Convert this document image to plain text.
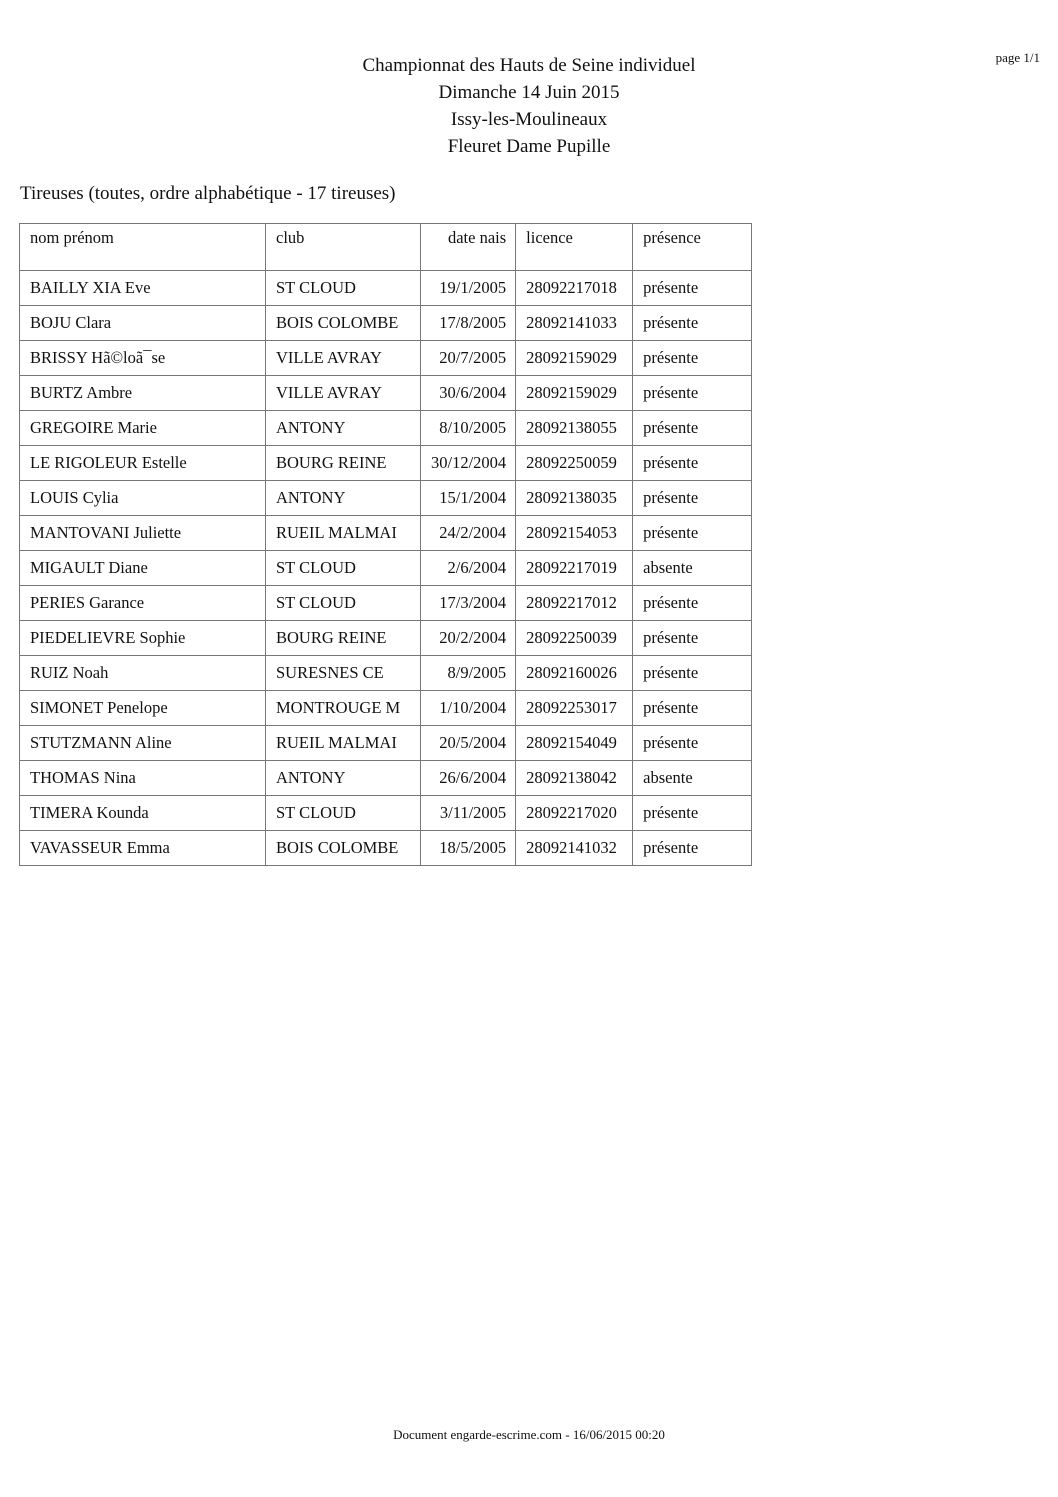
page 1/1
Championnat des Hauts de Seine individuel
Dimanche 14 Juin 2015
Issy-les-Moulineaux
Fleuret Dame Pupille
Tireuses (toutes, ordre alphabétique - 17 tireuses)
nom prénom	club	date nais	licence	présence
BAILLY XIA Eve	ST CLOUD	19/1/2005	28092217018	présente
BOJU Clara	BOIS COLOMBE	17/8/2005	28092141033	présente
BRISSY Hã©loã¯se	VILLE AVRAY	20/7/2005	28092159029	présente
BURTZ Ambre	VILLE AVRAY	30/6/2004	28092159029	présente
GREGOIRE Marie	ANTONY	8/10/2005	28092138055	présente
LE RIGOLEUR Estelle	BOURG REINE	30/12/2004	28092250059	présente
LOUIS Cylia	ANTONY	15/1/2004	28092138035	présente
MANTOVANI Juliette	RUEIL MALMAI	24/2/2004	28092154053	présente
MIGAULT Diane	ST CLOUD	2/6/2004	28092217019	absente
PERIES Garance	ST CLOUD	17/3/2004	28092217012	présente
PIEDELIEVRE Sophie	BOURG REINE	20/2/2004	28092250039	présente
RUIZ Noah	SURESNES CE	8/9/2005	28092160026	présente
SIMONET Penelope	MONTROUGE M	1/10/2004	28092253017	présente
STUTZMANN Aline	RUEIL MALMAI	20/5/2004	28092154049	présente
THOMAS Nina	ANTONY	26/6/2004	28092138042	absente
TIMERA Kounda	ST CLOUD	3/11/2005	28092217020	présente
VAVASSEUR Emma	BOIS COLOMBE	18/5/2005	28092141032	présente
Document engarde-escrime.com - 16/06/2015 00:20
